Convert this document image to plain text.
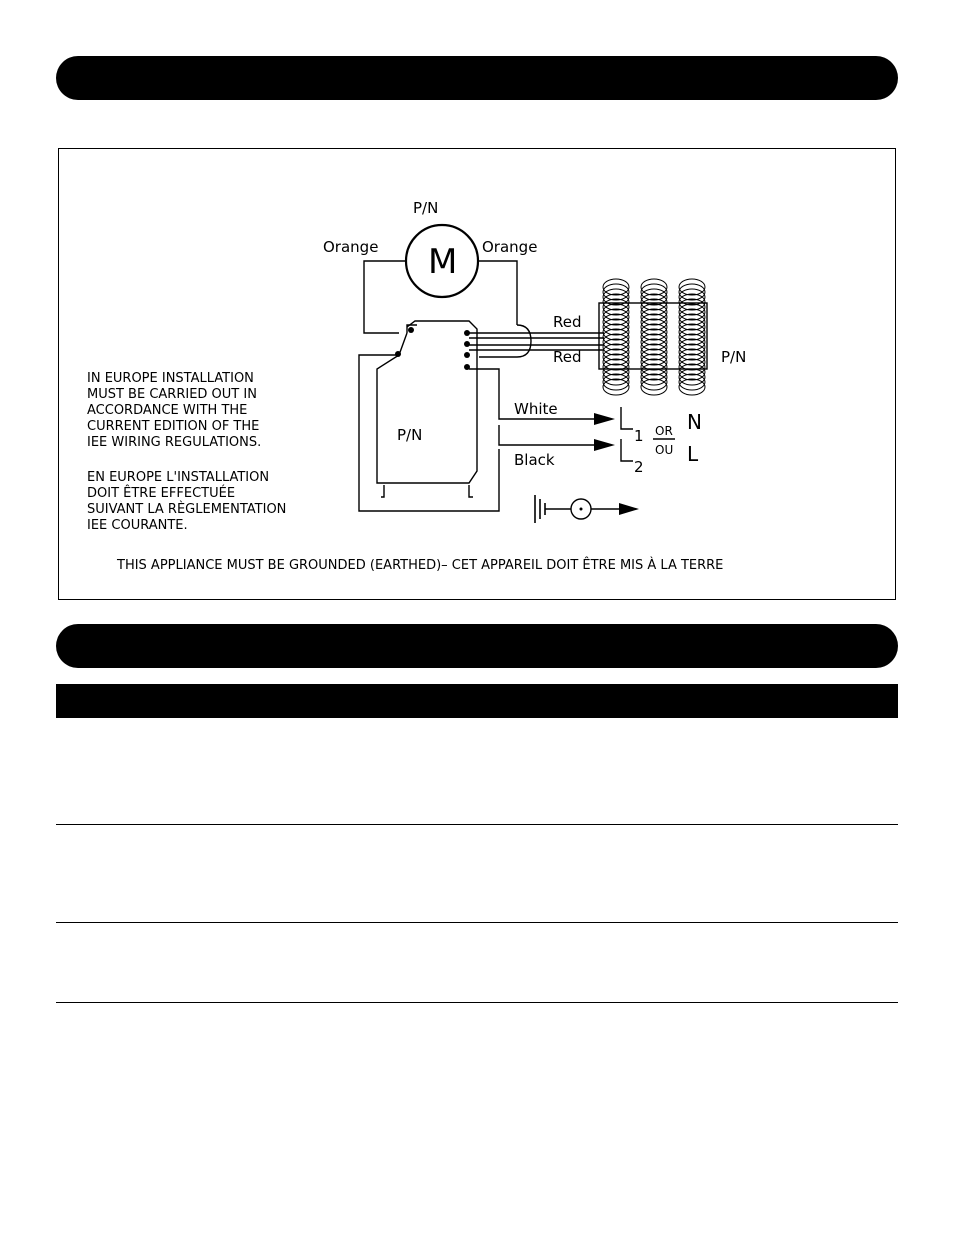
P/N
M
Orange	Orange
Red
Red	P/N
P/N
White
Black
1
2
OR
OU
N
L
IN EUROPE INSTALLATION
MUST BE CARRIED OUT IN
ACCORDANCE WITH THE
CURRENT EDITION OF THE
IEE WIRING REGULATIONS.
EN EUROPE L'INSTALLATION
DOIT ÊTRE EFFECTUÉE
SUIVANT LA RÈGLEMENTATION
IEE COURANTE.
THIS APPLIANCE MUST BE GROUNDED (EARTHED)– CET APPAREIL DOIT ÊTRE MIS À LA TERRE
